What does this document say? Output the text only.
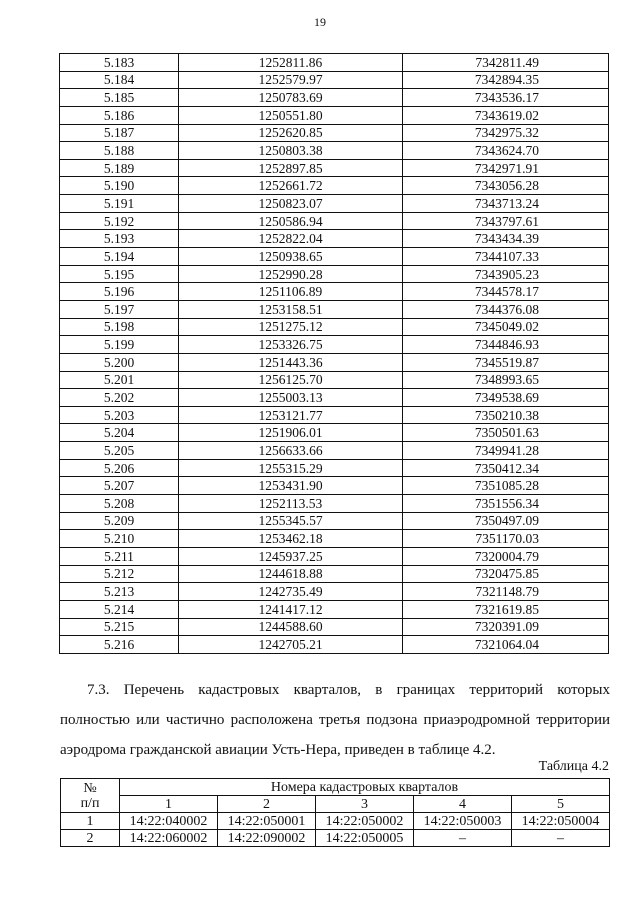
19
5.183	1252811.86	7342811.49
5.184	1252579.97	7342894.35
5.185	1250783.69	7343536.17
5.186	1250551.80	7343619.02
5.187	1252620.85	7342975.32
5.188	1250803.38	7343624.70
5.189	1252897.85	7342971.91
5.190	1252661.72	7343056.28
5.191	1250823.07	7343713.24
5.192	1250586.94	7343797.61
5.193	1252822.04	7343434.39
5.194	1250938.65	7344107.33
5.195	1252990.28	7343905.23
5.196	1251106.89	7344578.17
5.197	1253158.51	7344376.08
5.198	1251275.12	7345049.02
5.199	1253326.75	7344846.93
5.200	1251443.36	7345519.87
5.201	1256125.70	7348993.65
5.202	1255003.13	7349538.69
5.203	1253121.77	7350210.38
5.204	1251906.01	7350501.63
5.205	1256633.66	7349941.28
5.206	1255315.29	7350412.34
5.207	1253431.90	7351085.28
5.208	1252113.53	7351556.34
5.209	1255345.57	7350497.09
5.210	1253462.18	7351170.03
5.211	1245937.25	7320004.79
5.212	1244618.88	7320475.85
5.213	1242735.49	7321148.79
5.214	1241417.12	7321619.85
5.215	1244588.60	7320391.09
5.216	1242705.21	7321064.04
7.3. Перечень кадастровых кварталов, в границах территорий которых
полностью или частично расположена третья подзона приаэродромной территории
аэродрома гражданской авиации Усть-Нера, приведен в таблице 4.2.
№
п/п	Номера кадастровых кварталов				
	1	2	3	4	5
1	14:22:040002	14:22:050001	14:22:050002	14:22:050003	14:22:050004
2	14:22:060002	14:22:090002	14:22:050005	–	–
Таблица 4.2
